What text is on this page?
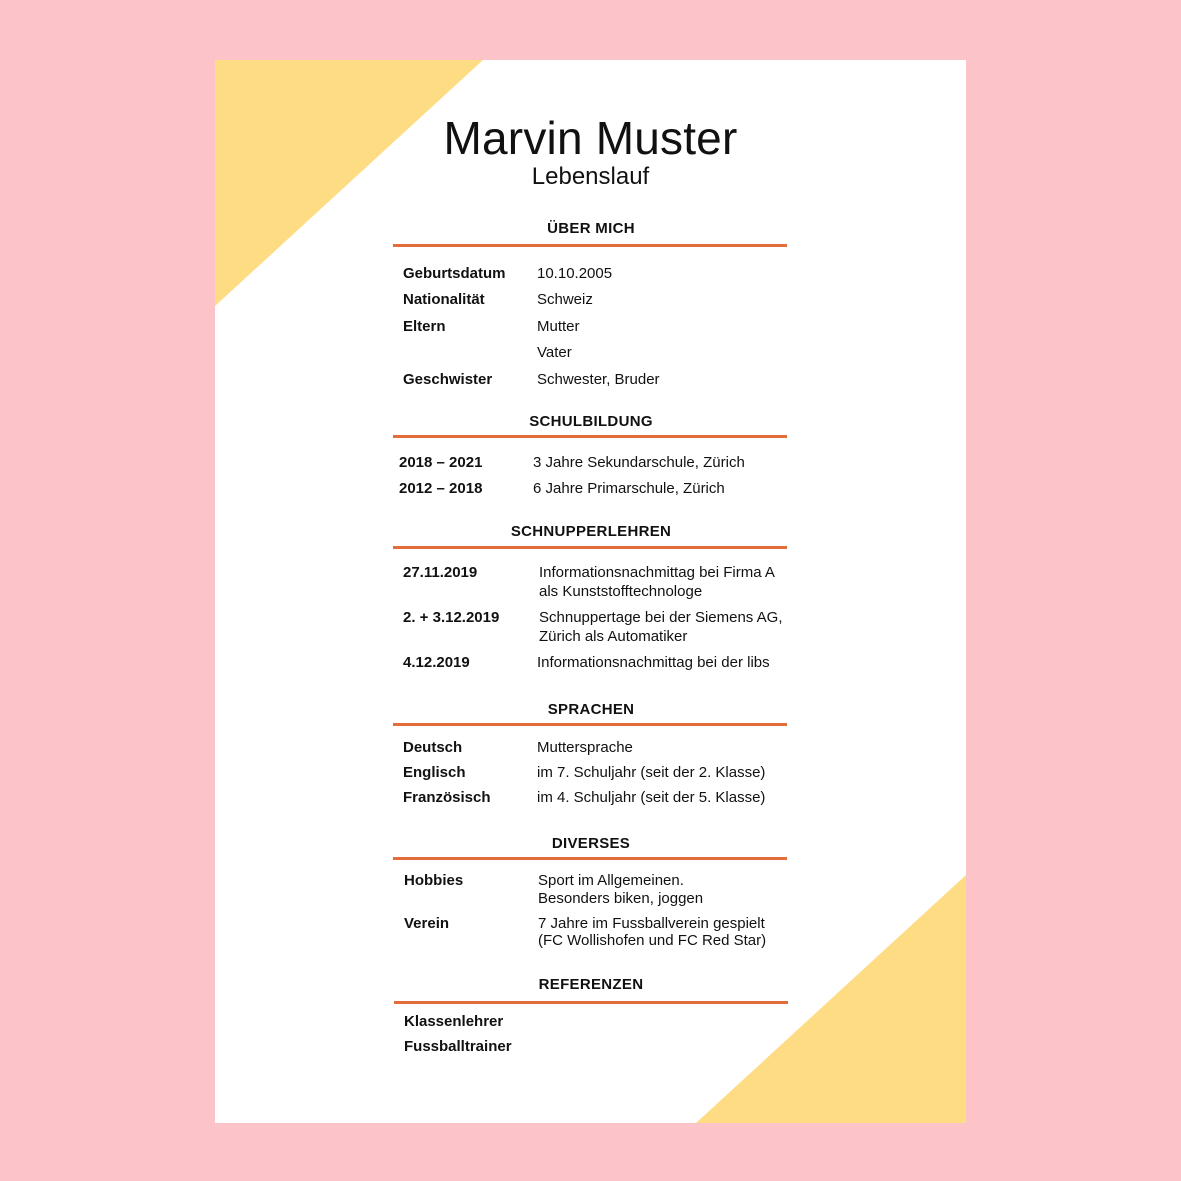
Marvin Muster
Lebenslauf
ÜBER MICH
Geburtsdatum 10.10.2005
Nationalität	Schweiz
Eltern	Mutter
Vater
Geschwister	Schwester, Bruder
SCHULBILDUNG
2018 – 2021	3 Jahre Sekundarschule, Zürich
2012 – 2018	6 Jahre Primarschule, Zürich
SCHNUPPERLEHREN
27.11.2019	Informationsnachmittag bei Firma A
als Kunststofftechnologe
2. + 3.12.2019	Schnuppertage bei der Siemens AG,
Zürich als Automatiker
4.12.2019	Informationsnachmittag bei der libs
SPRACHEN
Deutsch	Muttersprache
Englisch	im 7. Schuljahr (seit der 2. Klasse)
Französisch	im 4. Schuljahr (seit der 5. Klasse)
DIVERSES
Hobbies	Sport im Allgemeinen.
Besonders biken, joggen
Verein	7 Jahre im Fussballverein gespielt
(FC Wollishofen und FC Red Star)
REFERENZEN
Klassenlehrer
Fussballtrainer
